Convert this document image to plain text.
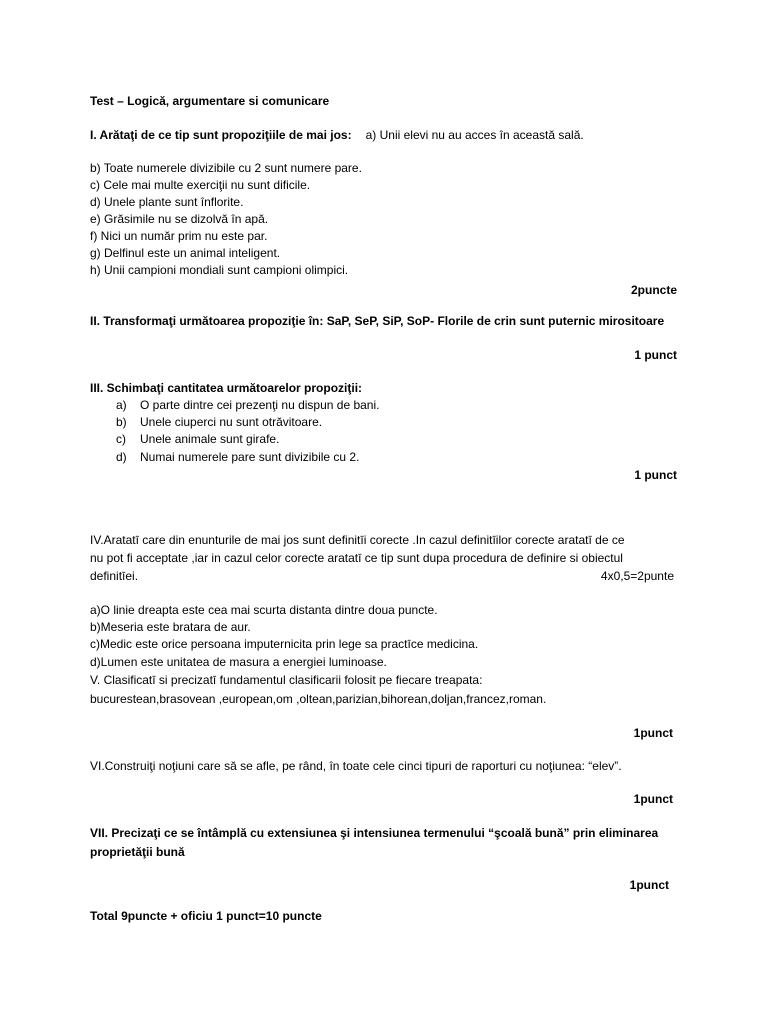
Test – Logică, argumentare si comunicare
I. Arătaţi de ce tip sunt propoziţiile de mai jos: a) Unii elevi nu au acces în această sală.
b) Toate numerele divizibile cu 2 sunt numere pare.
c) Cele mai multe exerciţii nu sunt dificile.
d) Unele plante sunt înflorite.
e) Grăsimile nu se dizolvă în apă.
f) Nici un număr prim nu este par.
g) Delfinul este un animal inteligent.
h) Unii campioni mondiali sunt campioni olimpici.
2puncte
II. Transformaţi următoarea propoziţie în: SaP, SeP, SiP, SoP- Florile de crin sunt puternic mirositoare
1 punct
III. Schimbaţi cantitatea următoarelor propoziţii:
a) O parte dintre cei prezenţi nu dispun de bani.
b) Unele ciuperci nu sunt otrăvitoare.
c) Unele animale sunt girafe.
d) Numai numerele pare sunt divizibile cu 2.
1 punct
IV.Aratatī care din enunturile de mai jos sunt definitīi corecte .In cazul definitīilor corecte aratatī de ce
nu pot fi acceptate ,iar in cazul celor corecte aratatī ce tip sunt dupa procedura de definire si obiectul
definitīei.	4x0,5=2punte
a)O linie dreapta este cea mai scurta distanta dintre doua puncte.
b)Meseria este bratara de aur.
c)Medic este orice persoana imputernicita prin lege sa practīce medicina.
d)Lumen este unitatea de masura a energiei luminoase.
V. Clasificatī si precizatī fundamentul clasificarii folosit pe fiecare treapata:
bucurestean,brasovean ,european,om ,oltean,parizian,bihorean,doljan,francez,roman.
1punct
VI.Construiţi noţiuni care să se afle, pe rând, în toate cele cinci tipuri de raporturi cu noţiunea: “elev”.
1punct
VII. Precizaţi ce se întâmplă cu extensiunea şi intensiunea termenului “şcoală bună” prin eliminarea
proprietăţii bună
1punct
Total 9puncte + oficiu 1 punct=10 puncte
